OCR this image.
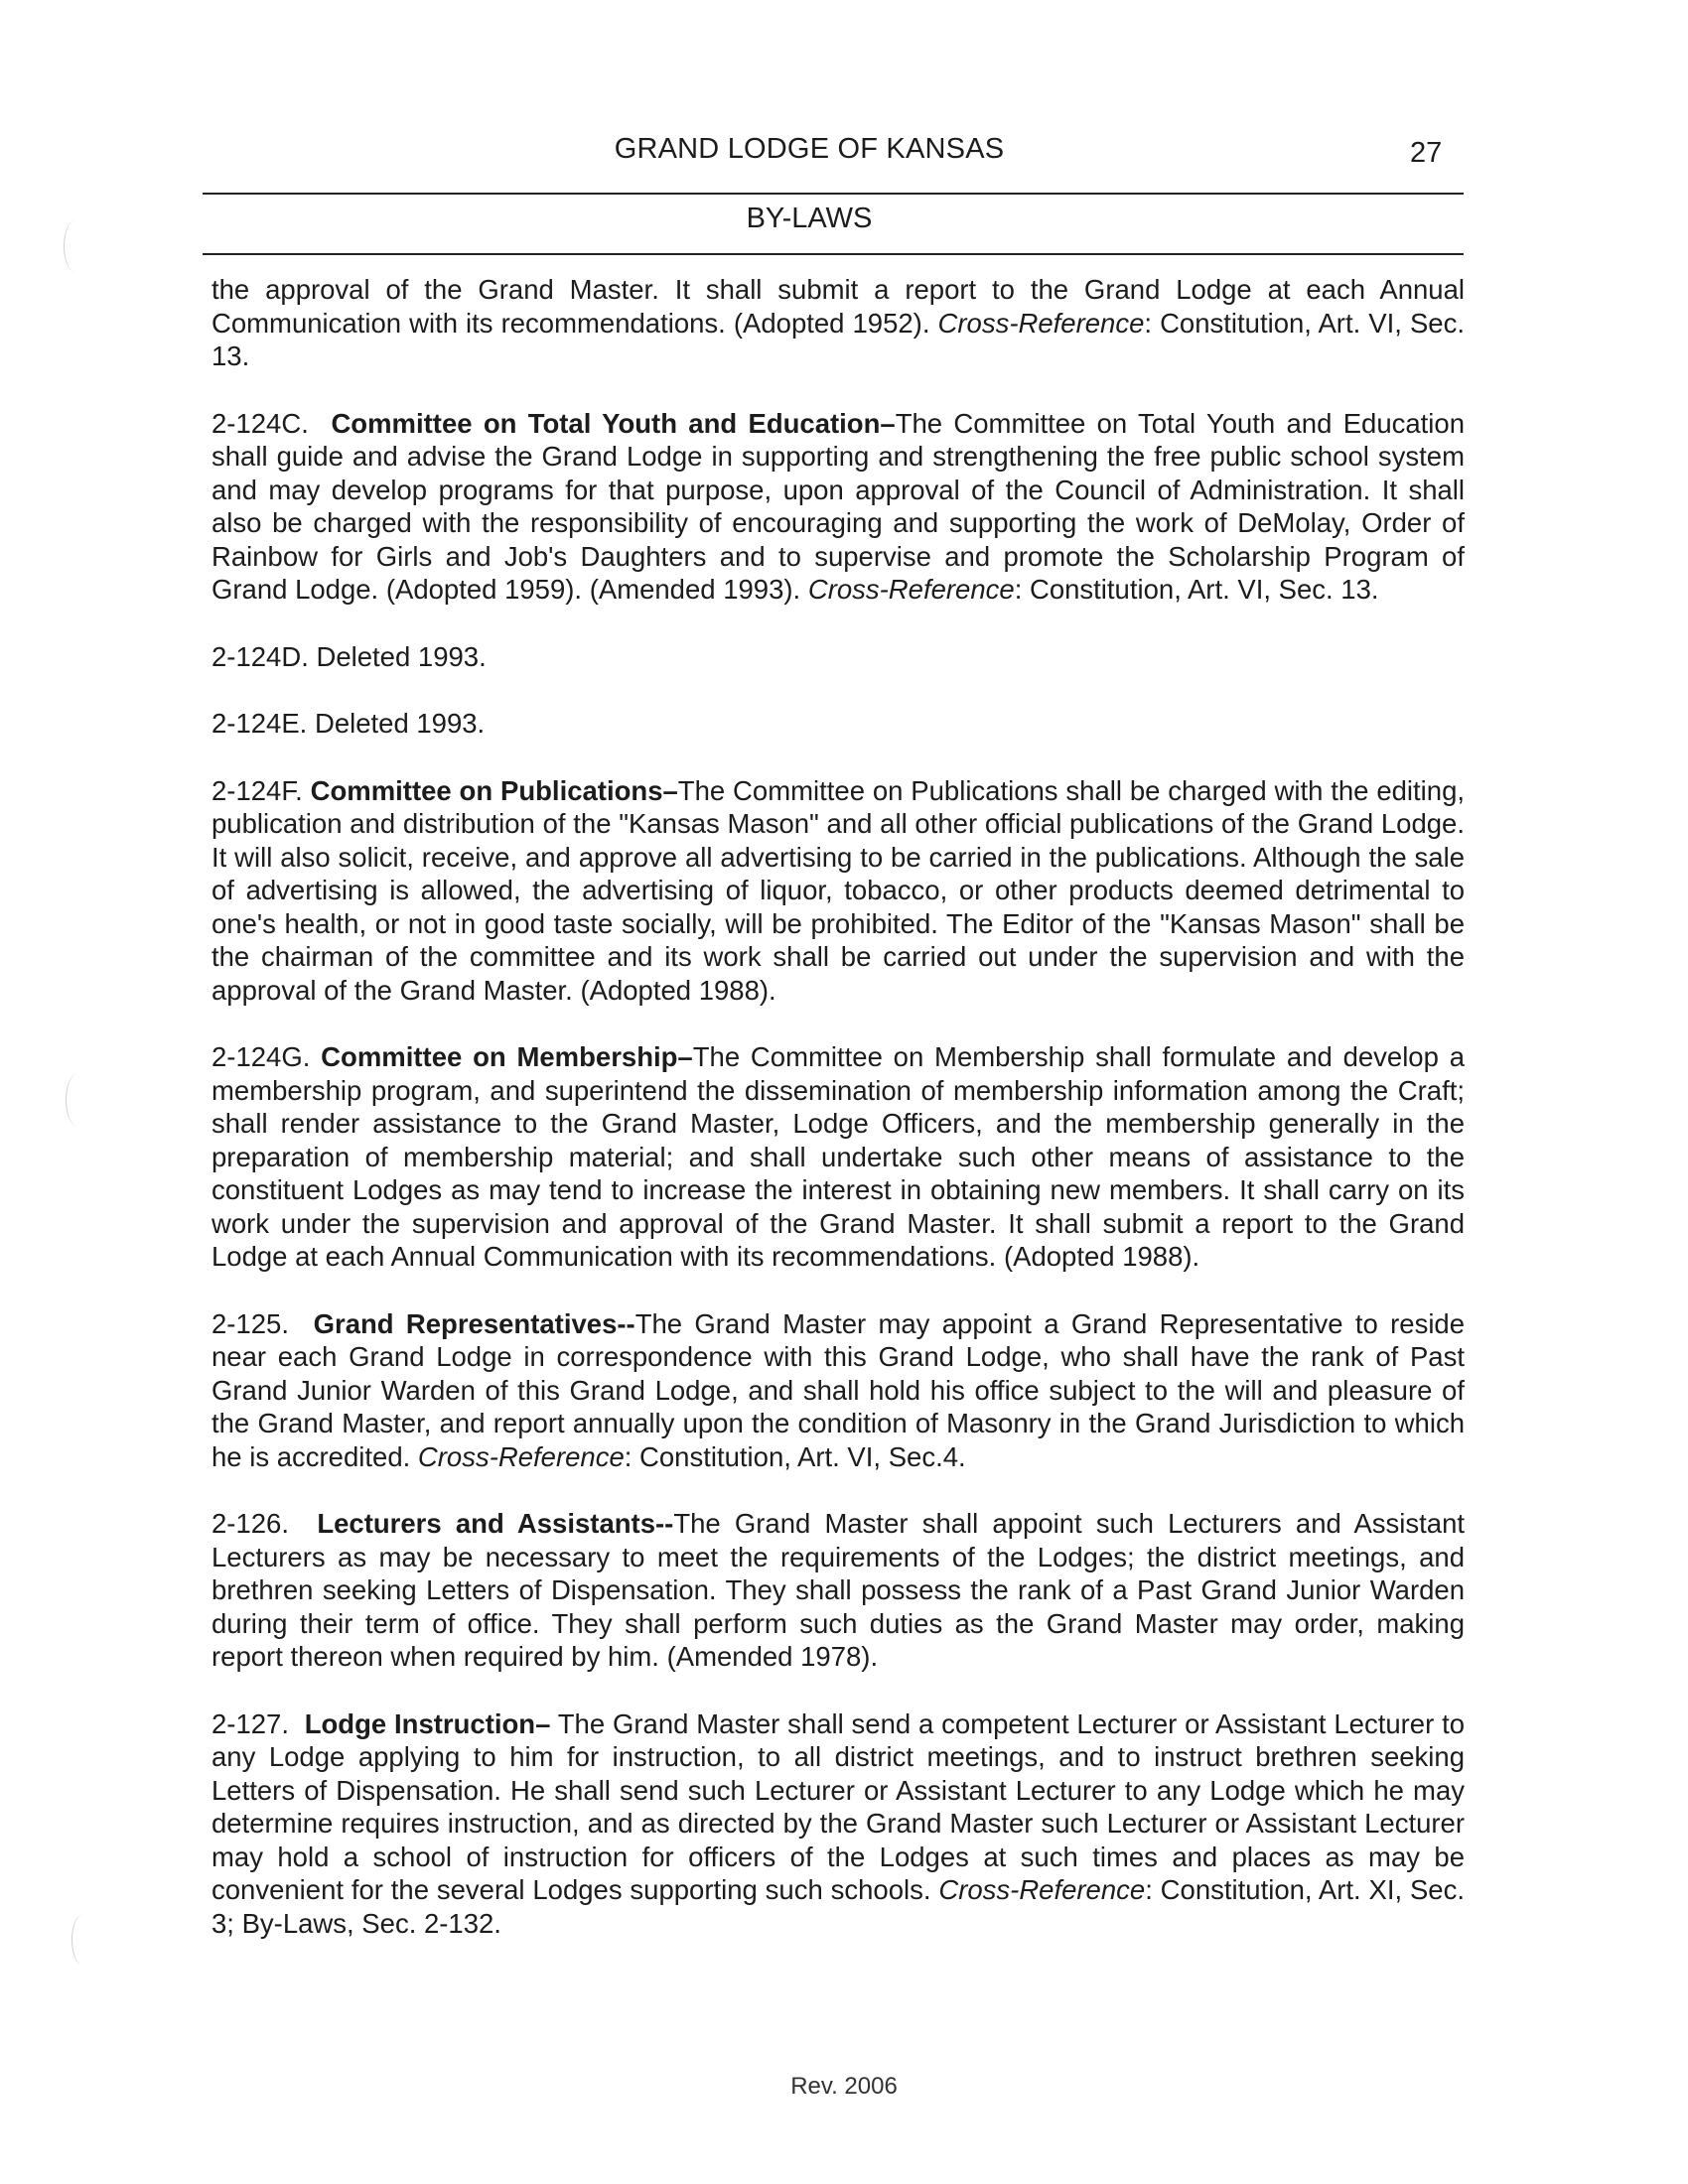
GRAND LODGE OF KANSAS	27
BY-LAWS

the approval of the Grand Master. It shall submit a report to the Grand Lodge at each Annual Communication with its recommendations. (Adopted 1952). Cross-Reference: Constitution, Art. VI, Sec. 13.

2-124C. Committee on Total Youth and Education–The Committee on Total Youth and Education shall guide and advise the Grand Lodge in supporting and strengthening the free public school system and may develop programs for that purpose, upon approval of the Council of Administration. It shall also be charged with the responsibility of encouraging and supporting the work of DeMolay, Order of Rainbow for Girls and Job's Daughters and to supervise and promote the Scholarship Program of Grand Lodge. (Adopted 1959). (Amended 1993). Cross-Reference: Constitution, Art. VI, Sec. 13.

2-124D. Deleted 1993.

2-124E. Deleted 1993.

2-124F. Committee on Publications–The Committee on Publications shall be charged with the editing, publication and distribution of the "Kansas Mason" and all other official publications of the Grand Lodge. It will also solicit, receive, and approve all advertising to be carried in the publications. Although the sale of advertising is allowed, the advertising of liquor, tobacco, or other products deemed detrimental to one's health, or not in good taste socially, will be prohibited. The Editor of the "Kansas Mason" shall be the chairman of the committee and its work shall be carried out under the supervision and with the approval of the Grand Master. (Adopted 1988).

2-124G. Committee on Membership–The Committee on Membership shall formulate and develop a membership program, and superintend the dissemination of membership information among the Craft; shall render assistance to the Grand Master, Lodge Officers, and the membership generally in the preparation of membership material; and shall undertake such other means of assistance to the constituent Lodges as may tend to increase the interest in obtaining new members. It shall carry on its work under the supervision and approval of the Grand Master. It shall submit a report to the Grand Lodge at each Annual Communication with its recommendations. (Adopted 1988).

2-125. Grand Representatives--The Grand Master may appoint a Grand Representative to reside near each Grand Lodge in correspondence with this Grand Lodge, who shall have the rank of Past Grand Junior Warden of this Grand Lodge, and shall hold his office subject to the will and pleasure of the Grand Master, and report annually upon the condition of Masonry in the Grand Jurisdiction to which he is accredited. Cross-Reference: Constitution, Art. VI, Sec.4.

2-126. Lecturers and Assistants--The Grand Master shall appoint such Lecturers and Assistant Lecturers as may be necessary to meet the requirements of the Lodges; the district meetings, and brethren seeking Letters of Dispensation. They shall possess the rank of a Past Grand Junior Warden during their term of office. They shall perform such duties as the Grand Master may order, making report thereon when required by him. (Amended 1978).

2-127. Lodge Instruction– The Grand Master shall send a competent Lecturer or Assistant Lecturer to any Lodge applying to him for instruction, to all district meetings, and to instruct brethren seeking Letters of Dispensation. He shall send such Lecturer or Assistant Lecturer to any Lodge which he may determine requires instruction, and as directed by the Grand Master such Lecturer or Assistant Lecturer may hold a school of instruction for officers of the Lodges at such times and places as may be convenient for the several Lodges supporting such schools. Cross-Reference: Constitution, Art. XI, Sec. 3; By-Laws, Sec. 2-132.

Rev. 2006
